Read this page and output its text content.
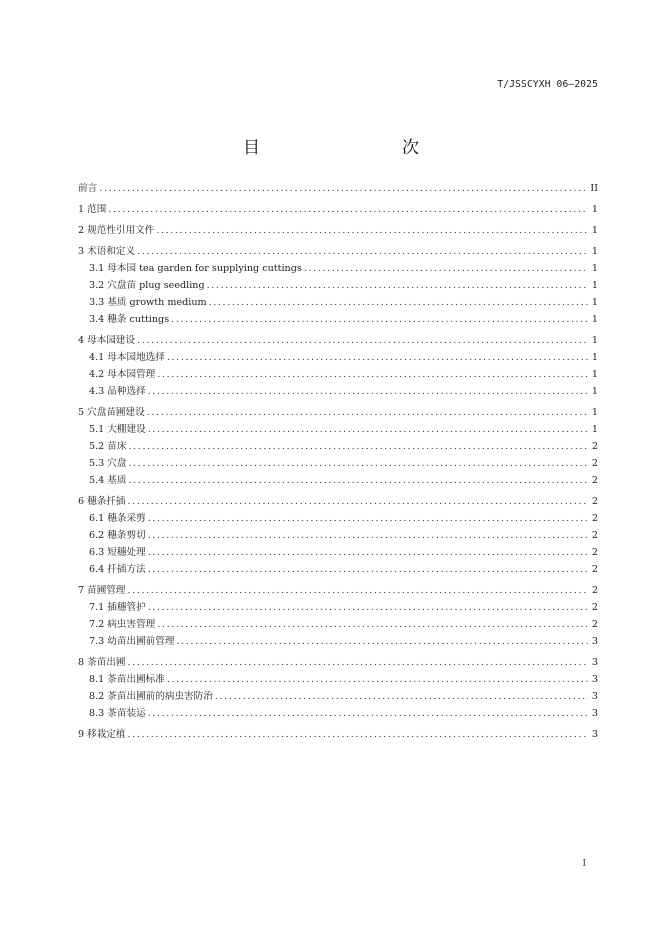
T/JSSCYXH 06—2025
目　　次
前言 .....	II
1 范围 .....	1
2 规范性引用文件 .....	1
3 术语和定义 .....	1
3.1 母本园 tea garden for supplying cuttings .....	1
3.2 穴盘苗 plug seedling .....	1
3.3 基质 growth medium .....	1
3.4 穗条 cuttings .....	1
4 母本园建设 .....	1
4.1 母本园地选择 .....	1
4.2 母本园管理 .....	1
4.3 品种选择 .....	1
5 穴盘苗圃建设 .....	1
5.1 大棚建设 .....	1
5.2 苗床 .....	2
5.3 穴盘 .....	2
5.4 基质 .....	2
6 穗条扦插 .....	2
6.1 穗条采剪 .....	2
6.2 穗条剪切 .....	2
6.3 短穗处理 .....	2
6.4 扦插方法 .....	2
7 苗圃管理 .....	2
7.1 插穗管护 .....	2
7.2 病虫害管理 .....	2
7.3 幼苗出圃前管理 .....	3
8 茶苗出圃 .....	3
8.1 茶苗出圃标准 .....	3
8.2 茶苗出圃前的病虫害防治 .....	3
8.3 茶苗装运 .....	3
9 移栽定植 .....	3
I
